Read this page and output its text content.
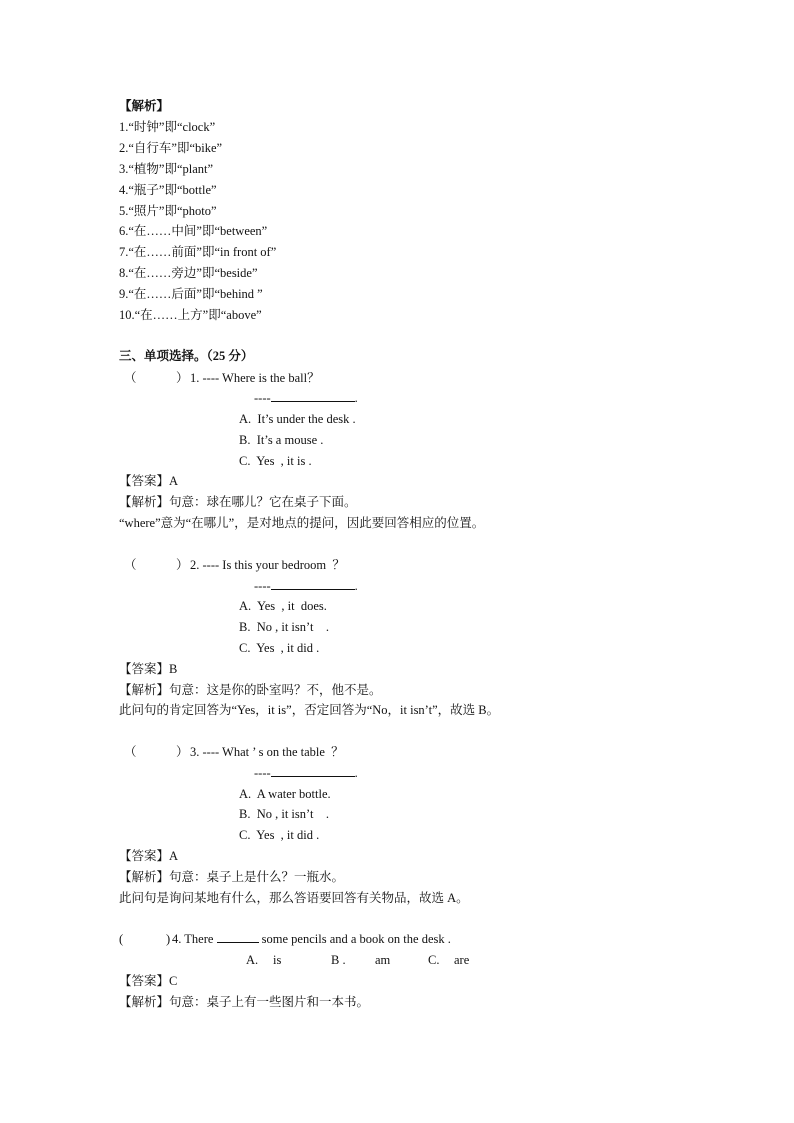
【解析】
1.“时钟”即“clock”
2.“自行车”即“bike”
3.“植物”即“plant”
4.“瓶子”即“bottle”
5.“照片”即“photo”
6.“在……中间”即“between”
7.“在……前面”即“in front of”
8.“在……旁边”即“beside”
9.“在……后面”即“behind ”
10.“在……上方”即“above”
三、单项选择。（25 分）
（	） 1. ---- Where is the ball？
----	.
A.  It’s under the desk .
B.  It’s a mouse .
C.  Yes  , it is .
【答案】A
【解析】句意：球在哪儿？它在桌子下面。
“where”意为“在哪儿”，是对地点的提问，因此要回答相应的位置。
（	） 2. ---- Is this your bedroom  ？
----	.
A.  Yes  , it  does.
B.  No , it isn’t    .
C.  Yes  , it did .
【答案】B
【解析】句意：这是你的卧室吗？不，他不是。
此问句的肯定回答为“Yes，it is”，否定回答为“No，it isn’t”，故选 B。
（	） 3. ---- What ’ s on the table  ？
----	.
A.  A water bottle.
B.  No , it isn’t    .
C.  Yes  , it did .
【答案】A
【解析】句意：桌子上是什么？一瓶水。
此问句是询问某地有什么，那么答语要回答有关物品，故选 A。
(	) 4. There	some pencils and a book on the desk .
A. is	B . am	C. are
【答案】C
【解析】句意：桌子上有一些图片和一本书。
